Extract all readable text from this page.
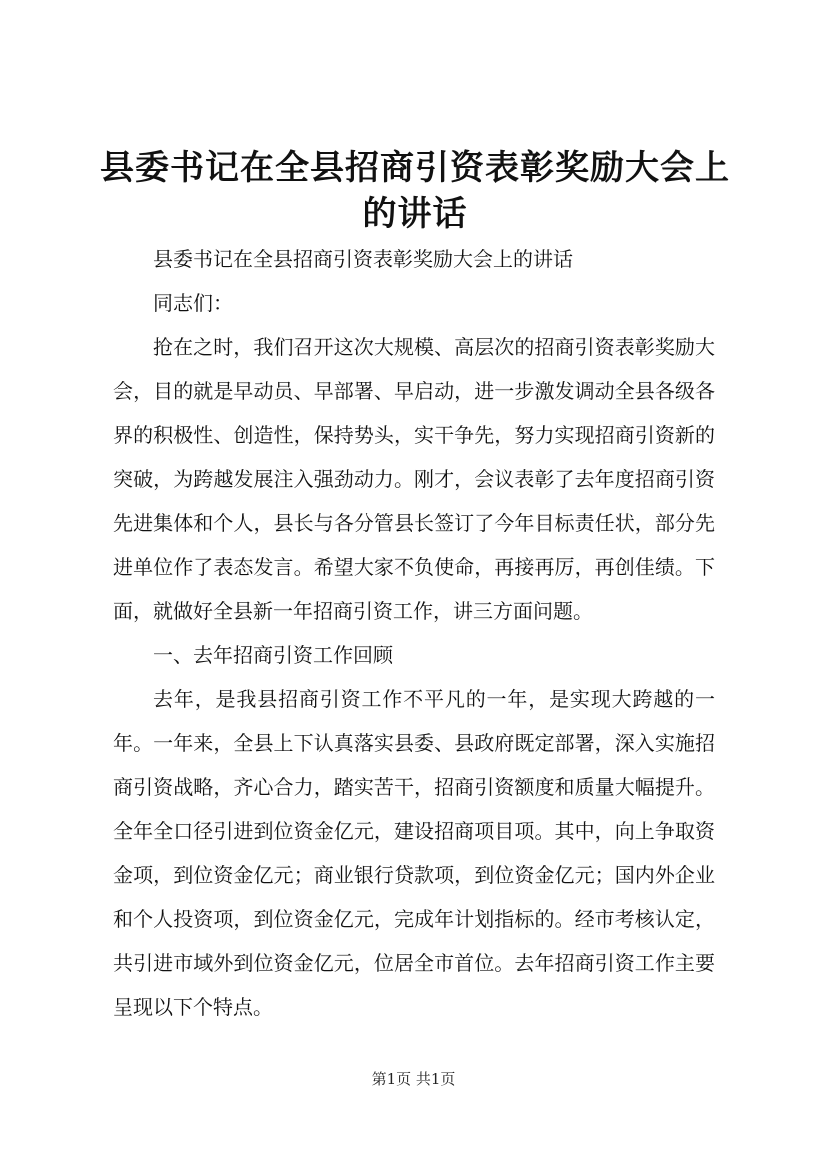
县委书记在全县招商引资表彰奖励大会上的讲话

县委书记在全县招商引资表彰奖励大会上的讲话

同志们：

抢在之时，我们召开这次大规模、高层次的招商引资表彰奖励大会，目的就是早动员、早部署、早启动，进一步激发调动全县各级各界的积极性、创造性，保持势头，实干争先，努力实现招商引资新的突破，为跨越发展注入强劲动力。刚才，会议表彰了去年度招商引资先进集体和个人，县长与各分管县长签订了今年目标责任状，部分先进单位作了表态发言。希望大家不负使命，再接再厉，再创佳绩。下面，就做好全县新一年招商引资工作，讲三方面问题。

一、去年招商引资工作回顾

去年，是我县招商引资工作不平凡的一年，是实现大跨越的一年。一年来，全县上下认真落实县委、县政府既定部署，深入实施招商引资战略，齐心合力，踏实苦干，招商引资额度和质量大幅提升。全年全口径引进到位资金亿元，建设招商项目项。其中，向上争取资金项，到位资金亿元；商业银行贷款项，到位资金亿元；国内外企业和个人投资项，到位资金亿元，完成年计划指标的。经市考核认定，共引进市域外到位资金亿元，位居全市首位。去年招商引资工作主要呈现以下个特点。

第1页 共1页
